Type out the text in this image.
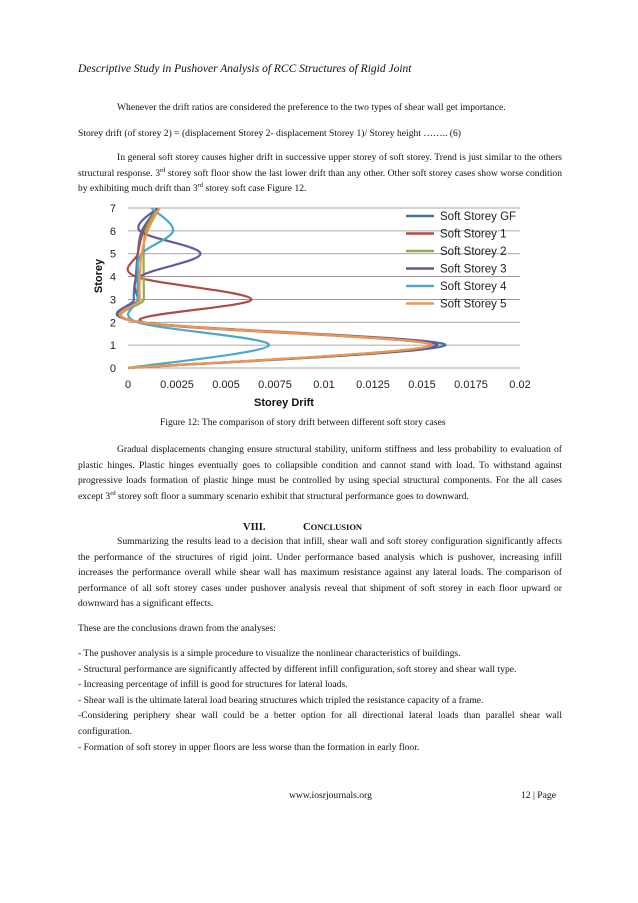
Descriptive Study in Pushover Analysis of RCC Structures of Rigid Joint

Whenever the drift ratios are considered the preference to the two types of shear wall get importance.

Storey drift (of storey 2) = (displacement Storey 2- displacement Storey 1)/ Storey height …….. (6)

In general soft storey causes higher drift in successive upper storey of soft storey. Trend is just similar to the others structural response. 3rd storey soft floor show the last lower drift than any other. Other soft storey cases show worse condition by exhibiting much drift than 3rd storey soft case Figure 12.

0
1
2
3
4
5
6
7
0	0.0025 0.005 0.0075 0.01 0.0125 0.015 0.0175 0.02
Storey Drift
Storey
Soft Storey GF
Soft Storey 1
Soft Storey 2
Soft Storey 3
Soft Storey 4
Soft Storey 5
Figure 12: The comparison of story drift between different soft story cases

Gradual displacements changing ensure structural stability, uniform stiffness and less probability to evaluation of plastic hinges. Plastic hinges eventually goes to collapsible condition and cannot stand with load. To withstand against progressive loads formation of plastic hinge must be controlled by using special structural components. For the all cases except 3rd storey soft floor a summary scenario exhibit that structural performance goes to downward.

VIII.	CONCLUSION

Summarizing the results lead to a decision that infill, shear wall and soft storey configuration significantly affects the performance of the structures of rigid joint. Under performance based analysis which is pushover, increasing infill increases the performance overall while shear wall has maximum resistance against any lateral loads. The comparison of performance of all soft storey cases under pushover analysis reveal that shipment of soft storey in each floor upward or downward has a significant effects.

These are the conclusions drawn from the analyses:

- The pushover analysis is a simple procedure to visualize the nonlinear characteristics of buildings.
- Structural performance are significantly affected by different infill configuration, soft storey and shear wall type.
- Increasing percentage of infill is good for structures for lateral loads.
- Shear wall is the ultimate lateral load bearing structures which tripled the resistance capacity of a frame.
-Considering periphery shear wall could be a better option for all directional lateral loads than parallel shear wall configuration.
- Formation of soft storey in upper floors are less worse than the formation in early floor.
www.iosrjournals.org	12 | Page
